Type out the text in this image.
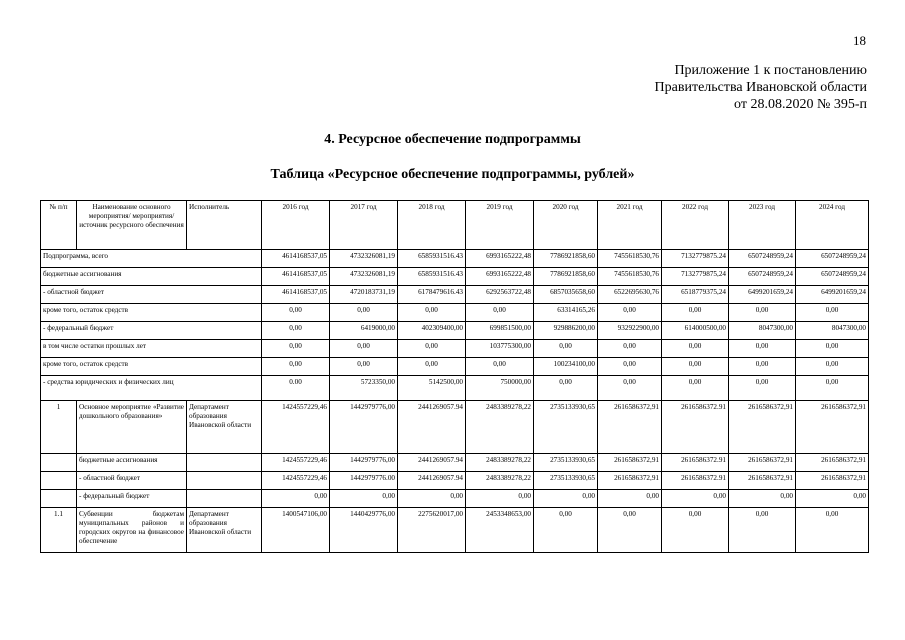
18
Приложение 1 к постановлению
Правительства Ивановской области
от 28.08.2020 № 395-п
4. Ресурсное обеспечение подпрограммы
Таблица «Ресурсное обеспечение подпрограммы, рублей»
№ п/п	Наименование основного мероприятия/ мероприятия/источник ресурсного обеспечения	Исполнитель	2016 год	2017 год	2018 год	2019 год	2020 год	2021 год	2022 год	2023 год	2024 год
Подпрограмма, всего			4614168537,05	4732326081,19	6585931516.43	6993165222,48	7786921858,60	7455618530,76	7132779875.24	6507248959,24	6507248959,24
бюджетные ассигнования			4614168537,05	4732326081,19	6585931516.43	6993165222,48	7786921858,60	7455618530,76	7132779875,24	6507248959,24	6507248959,24
- областной бюджет			4614168537,05	4720183731,19	6178479616.43	6292563722,48	6857035658,60	6522695630,76	6518779375,24	6499201659,24	6499201659,24
кроме того, остаток средств			0,00	0,00	0,00	0,00	63314165,26	0,00	0,00	0,00	0,00
- федеральный бюджет			0,00	6419000,00	402309400,00	699851500,00	929886200,00	932922900,00	614000500,00	8047300,00	8047300,00
в том числе остатки прошлых лет			0,00	0,00	0,00	103775300,00	0,00	0,00	0,00	0,00	0,00
кроме того, остаток средств			0,00	0,00	0,00	0,00	100234100,00	0,00	0,00	0,00	0,00
- средства юридических и физических лиц			0.00	5723350,00	5142500,00	750000,00	0,00	0,00	0,00	0,00	0,00
1	Основное мероприятие «Развитие дошкольного образования»	Департамент образования Ивановской области	1424557229,46	1442979776,00	2441269057.94	2483389278,22	2735133930,65	2616586372,91	2616586372.91	2616586372,91	2616586372,91
	бюджетные ассигнования		1424557229,46	1442979776,00	2441269057.94	2483389278,22	2735133930,65	2616586372,91	2616586372.91	2616586372,91	2616586372,91
	- областной бюджет		1424557229,46	1442979776.00	2441269057.94	2483389278,22	2735133930,65	2616586372,91	2616586372.91	2616586372,91	2616586372,91
	- федеральный бюджет		0,00	0,00	0,00	0,00	0,00	0,00	0,00	0,00	0,00
1.1	Субвенции бюджетам муниципальных районов и городских округов на финансовое обеспечение	Департамент образования Ивановской области	1400547106,00	1440429776,00	2275620017,00	2453348653,00	0,00	0,00	0,00	0,00	0,00
